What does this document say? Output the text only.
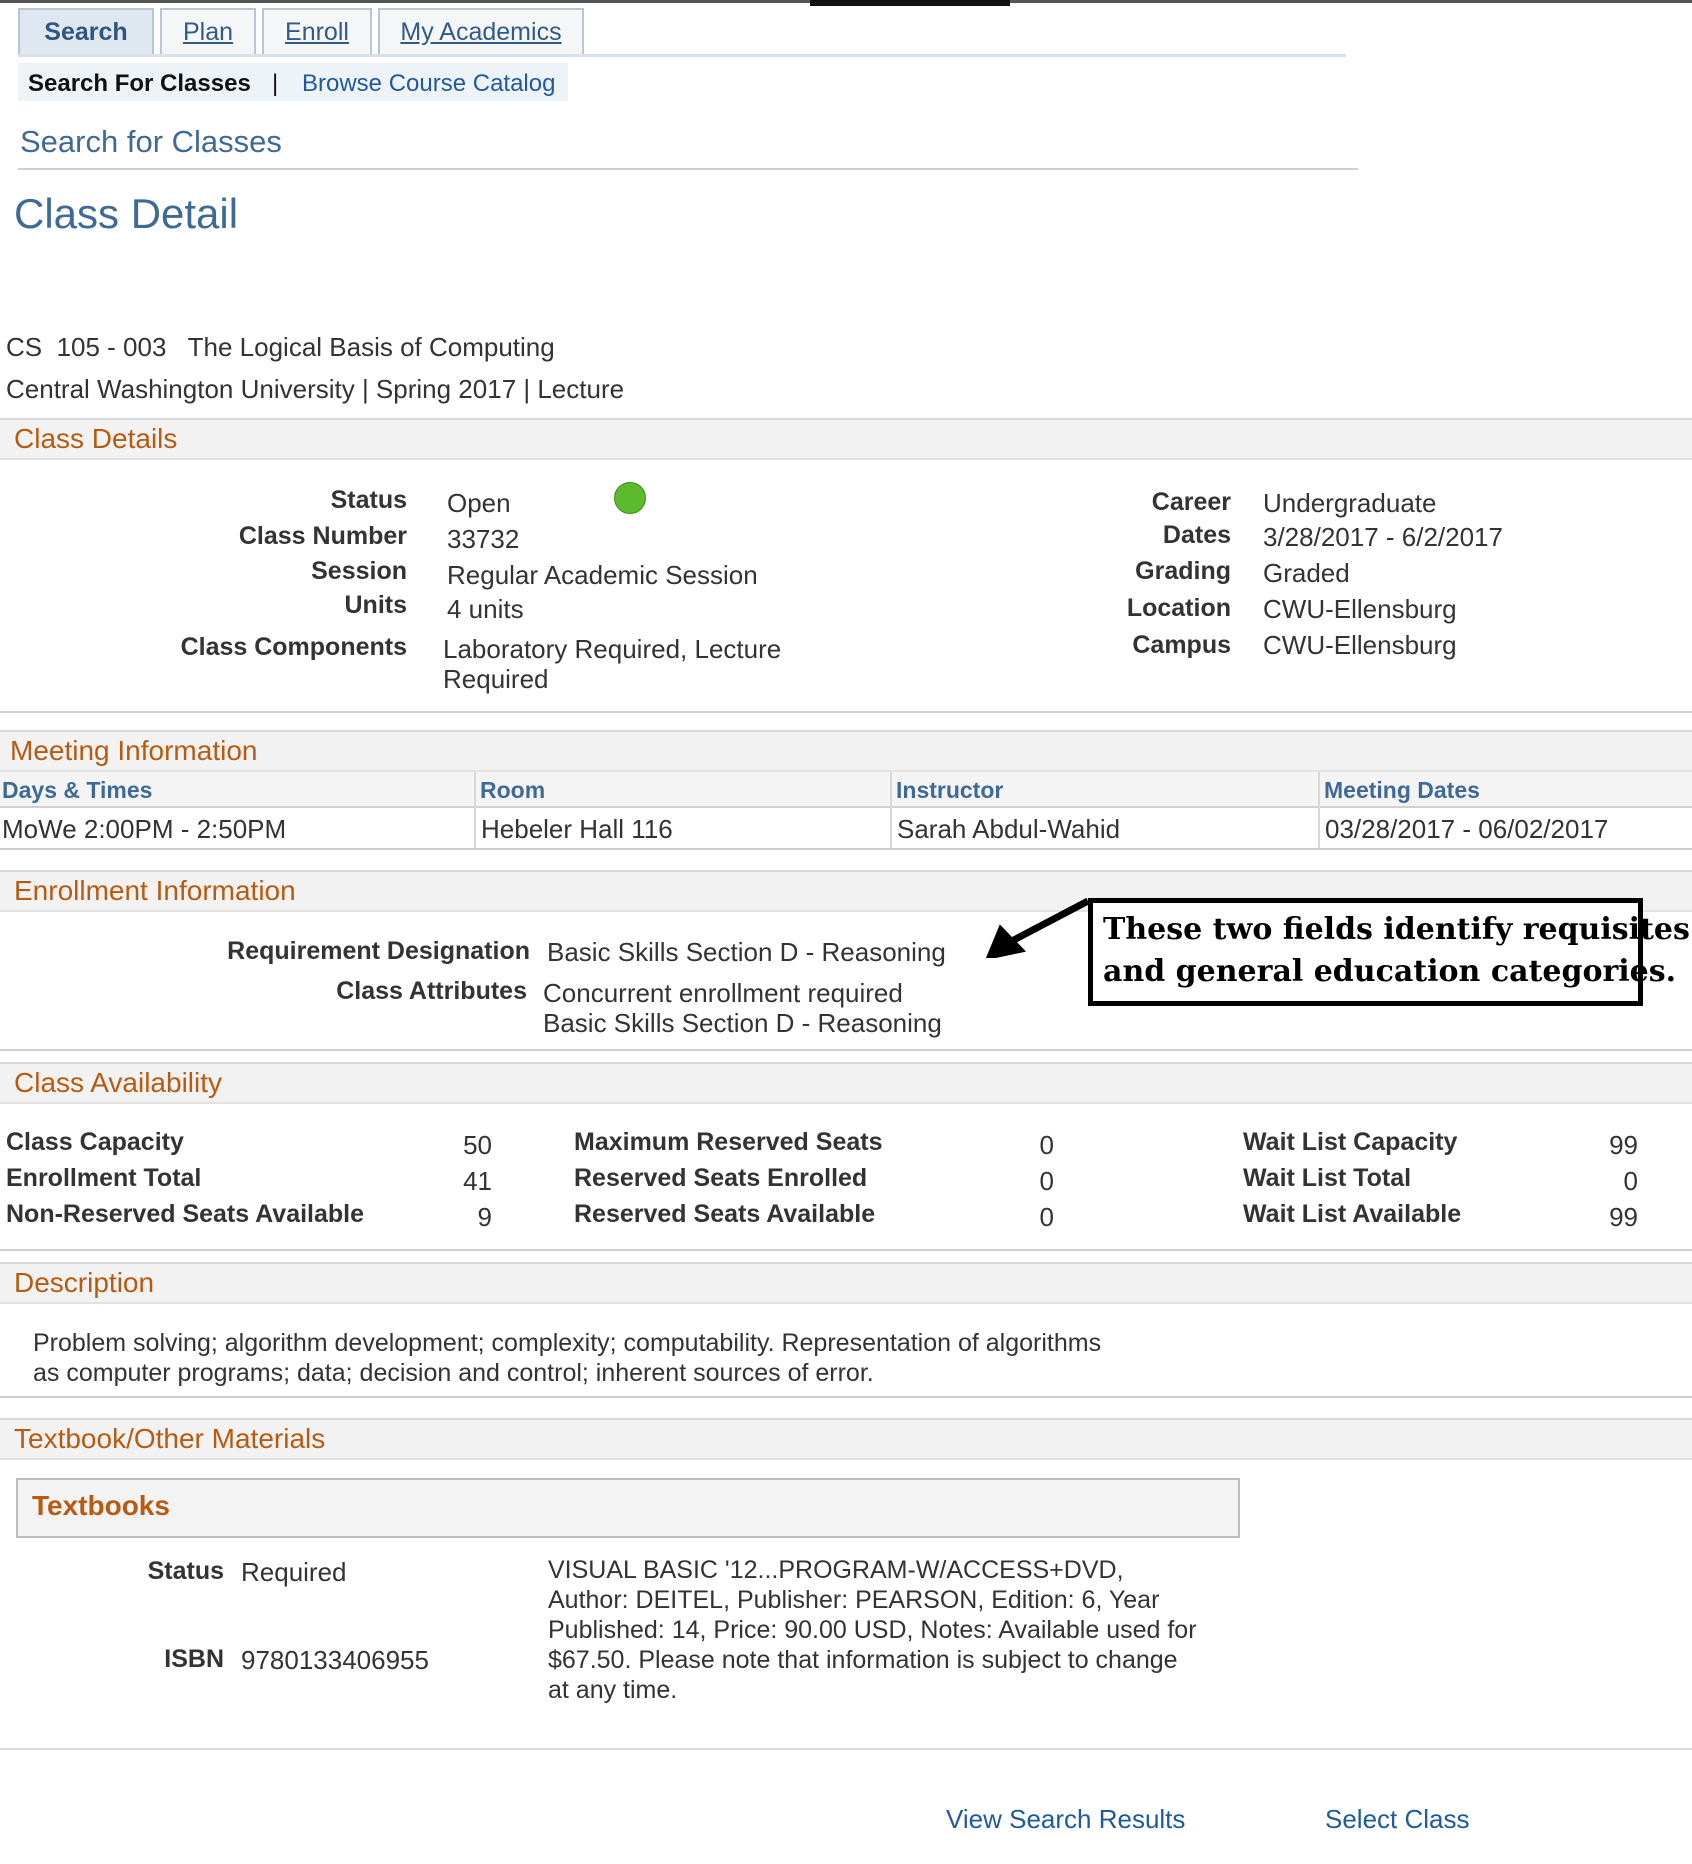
Search Plan Enroll My Academics
Search For Classes | Browse Course Catalog
Search for Classes
Class Detail
CS  105 - 003   The Logical Basis of Computing
Central Washington University | Spring 2017 | Lecture
Class Details
Status Open
Class Number 33732
Session Regular Academic Session
Units 4 units
Class Components Laboratory Required, Lecture
Required
Career Undergraduate
Dates 3/28/2017 - 6/2/2017
Grading Graded
Location CWU-Ellensburg
Campus CWU-Ellensburg
Meeting Information
Days & Times	Room	Instructor	Meeting Dates
MoWe 2:00PM - 2:50PM	Hebeler Hall 116	Sarah Abdul-Wahid	03/28/2017 - 06/02/2017
Enrollment Information
Requirement Designation Basic Skills Section D - Reasoning
Class Attributes Concurrent enrollment required
Basic Skills Section D - Reasoning
These two fields identify requisites
and general education categories.
Class Availability
Class Capacity	50
Enrollment Total	41
Non-Reserved Seats Available	9
Maximum Reserved Seats	0
Reserved Seats Enrolled	0
Reserved Seats Available	0
Wait List Capacity	99
Wait List Total	0
Wait List Available	99
Description
Problem solving; algorithm development; complexity; computability. Representation of algorithms
as computer programs; data; decision and control; inherent sources of error.
Textbook/Other Materials
Textbooks
Status Required
ISBN 9780133406955
VISUAL BASIC '12...PROGRAM-W/ACCESS+DVD,
Author: DEITEL, Publisher: PEARSON, Edition: 6, Year
Published: 14, Price: 90.00 USD, Notes: Available used for
$67.50. Please note that information is subject to change
at any time.
View Search Results	Select Class
